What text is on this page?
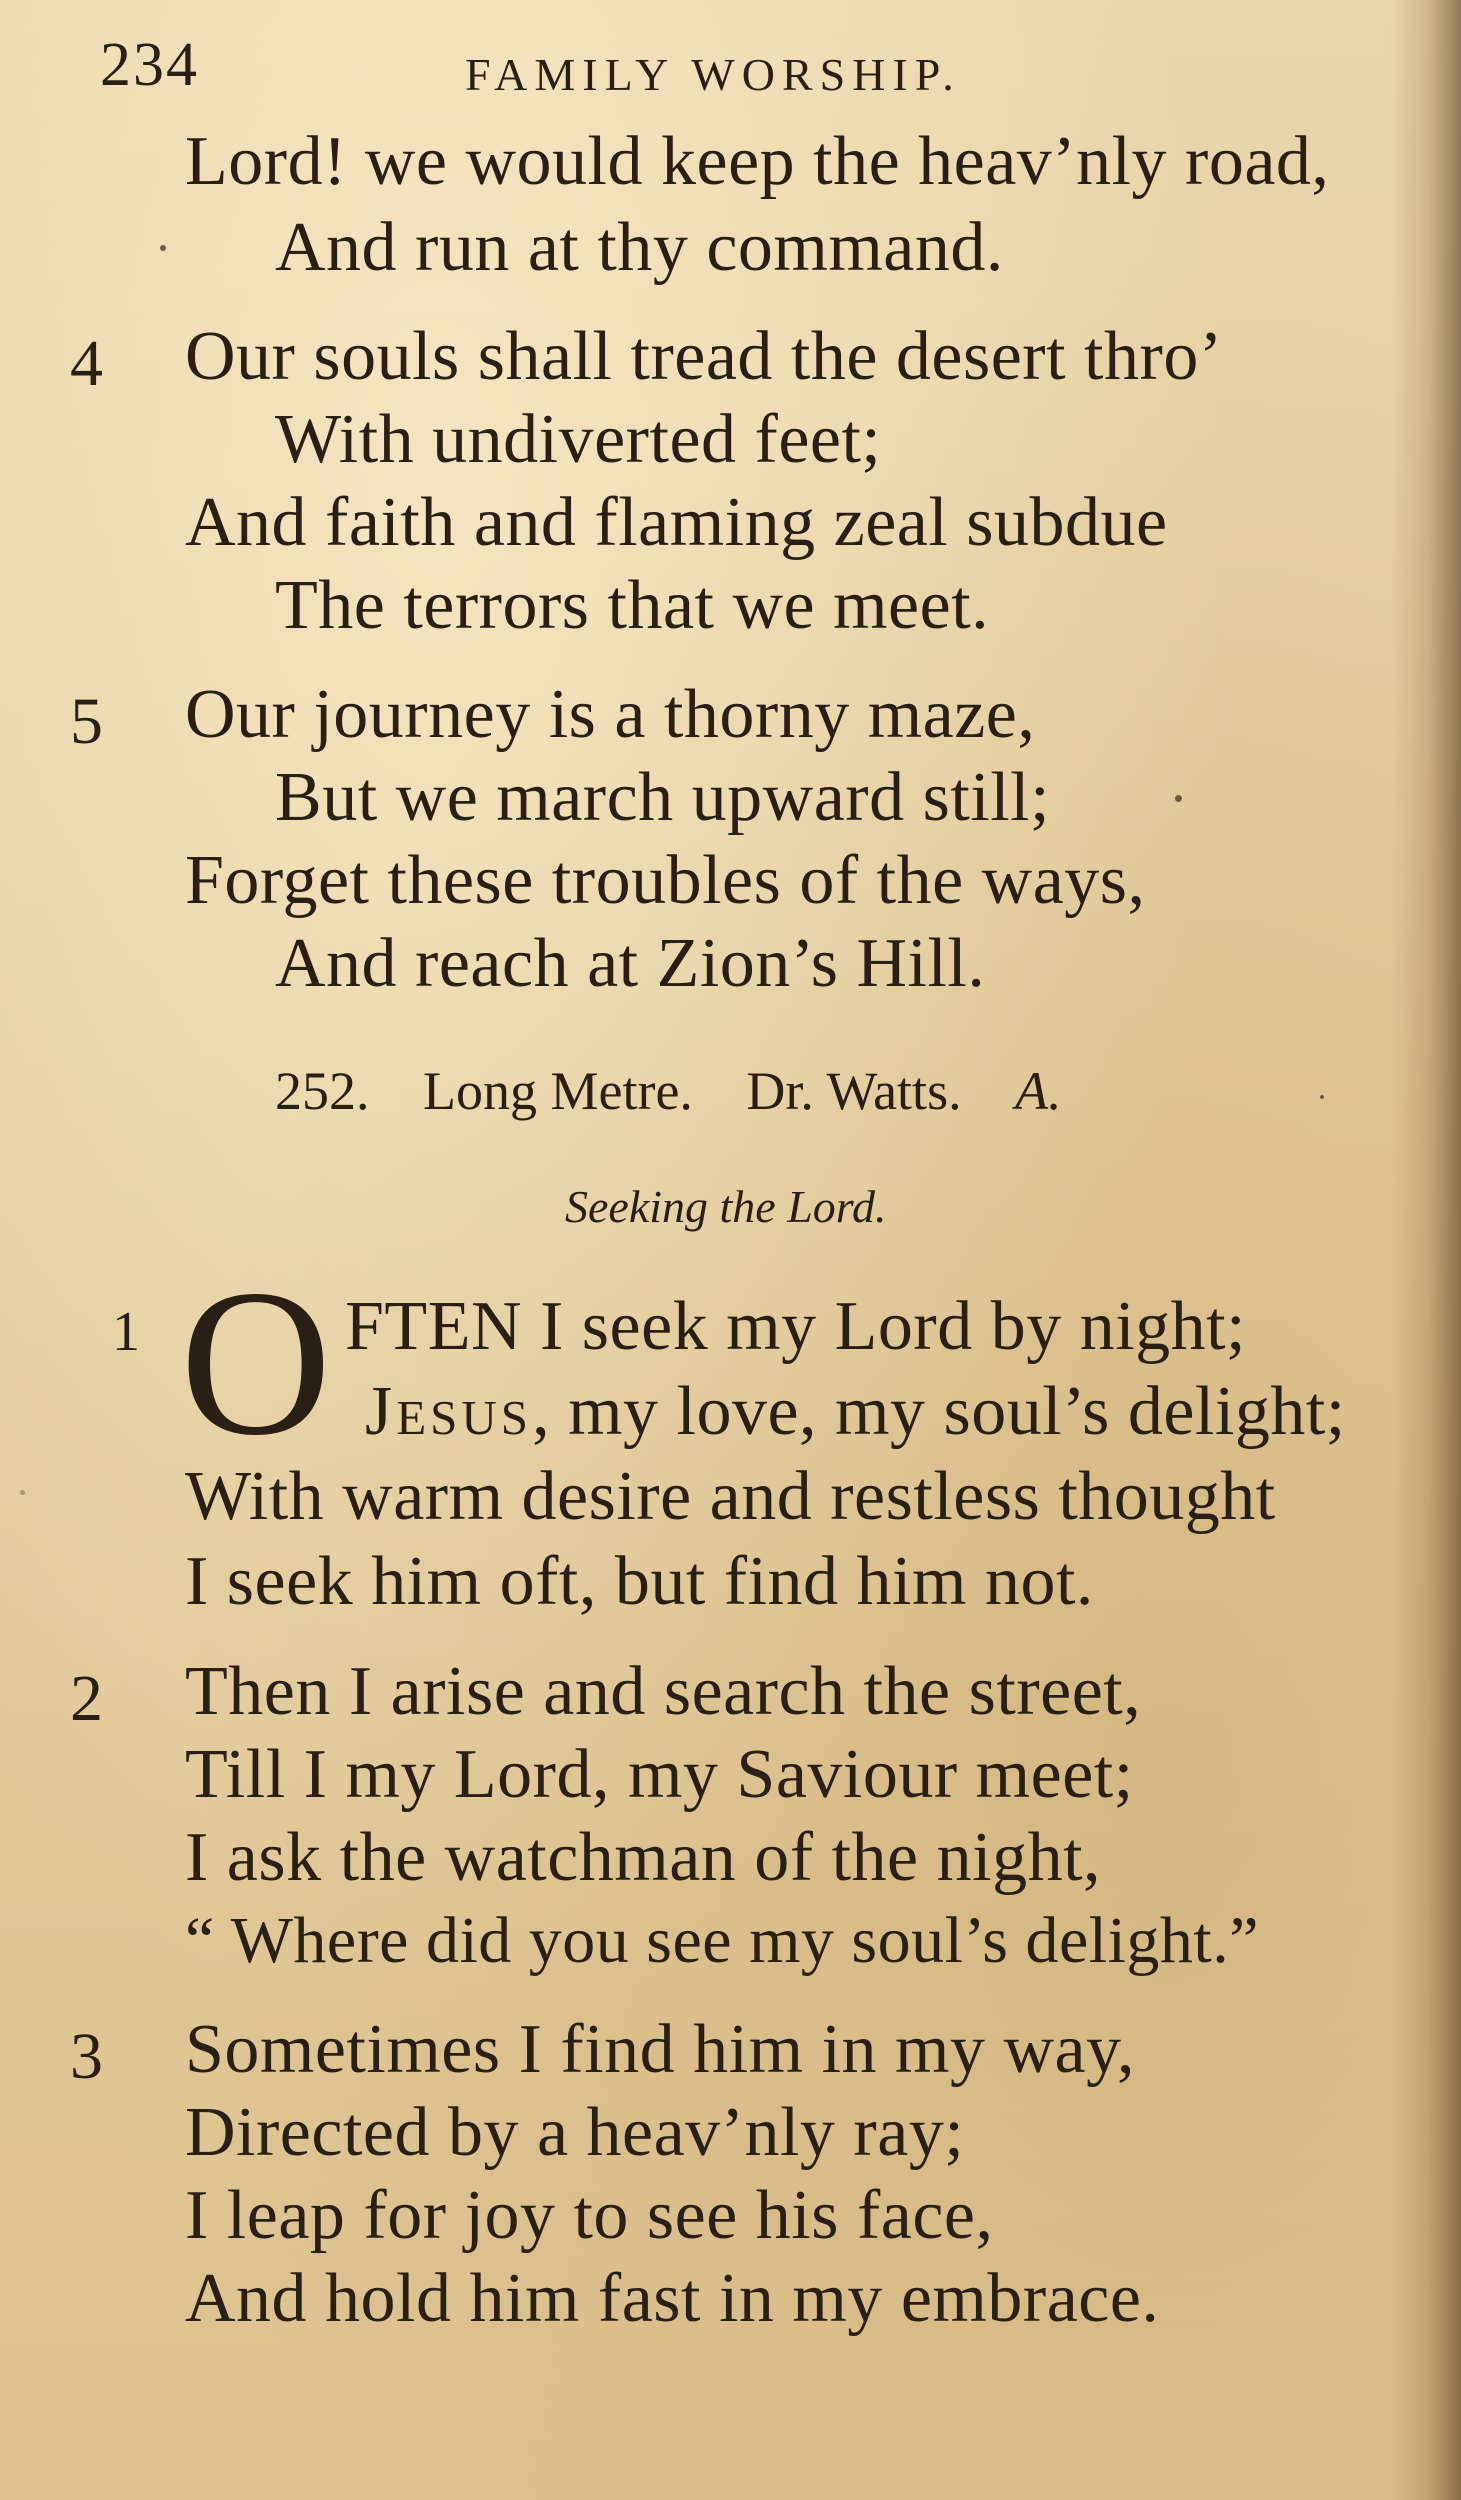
234	FAMILY WORSHIP.
Lord! we would keep the heav’nly road,
And run at thy command.
4 Our souls shall tread the desert thro’
With undiverted feet;
And faith and flaming zeal subdue
The terrors that we meet.
5 Our journey is a thorny maze,
But we march upward still;
Forget these troubles of the ways,
And reach at Zion’s Hill.
252. Long Metre. Dr. Watts. A.
Seeking the Lord.
1 O FTEN I seek my Lord by night;
Jesus, my love, my soul’s delight;
With warm desire and restless thought
I seek him oft, but find him not.
2 Then I arise and search the street,
Till I my Lord, my Saviour meet;
I ask the watchman of the night,
“ Where did you see my soul’s delight.”
3 Sometimes I find him in my way,
Directed by a heav’nly ray;
I leap for joy to see his face,
And hold him fast in my embrace.
